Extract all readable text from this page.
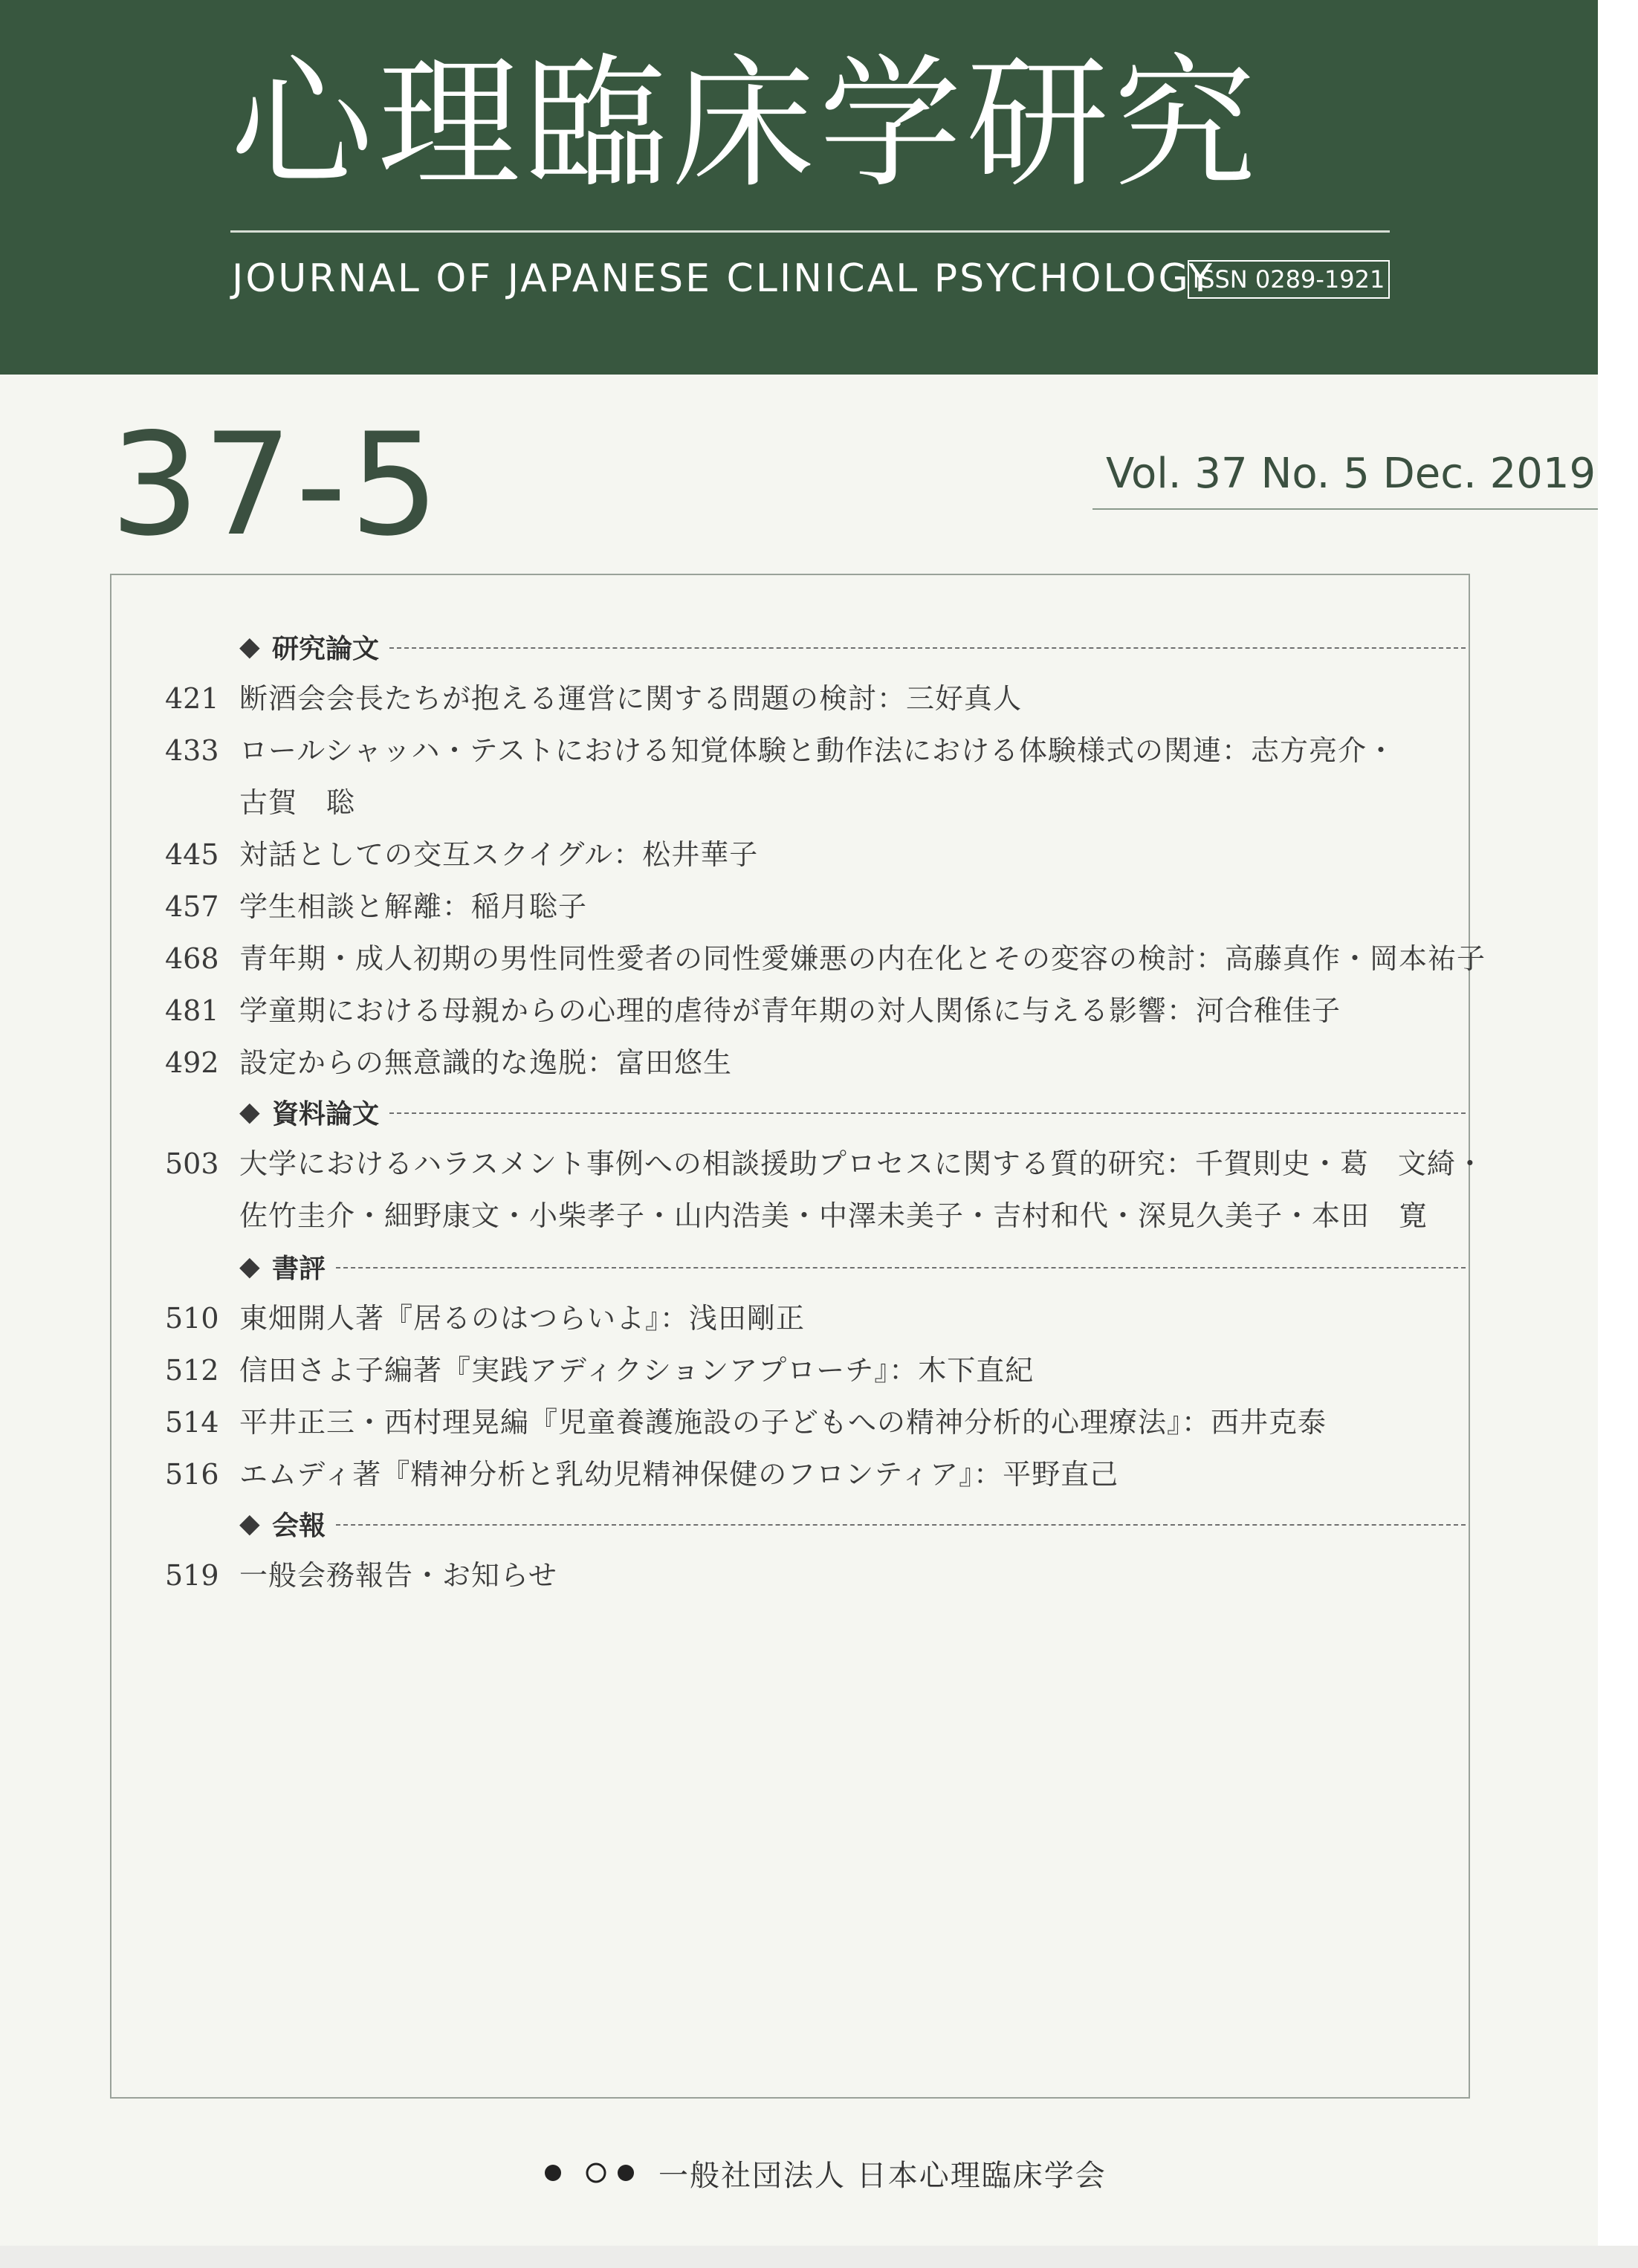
心理臨床学研究
JOURNAL OF JAPANESE CLINICAL PSYCHOLOGY
ISSN 0289-1921
37-5	Vol. 37 No. 5 Dec. 2019
◆ 研究論文
421 断酒会会長たちが抱える運営に関する問題の検討：三好真人
433 ロールシャッハ・テストにおける知覚体験と動作法における体験様式の関連：志方亮介・
古賀　聡
445 対話としての交互スクイグル：松井華子
457 学生相談と解離：稲月聡子
468 青年期・成人初期の男性同性愛者の同性愛嫌悪の内在化とその変容の検討：高藤真作・岡本祐子
481 学童期における母親からの心理的虐待が青年期の対人関係に与える影響：河合稚佳子
492 設定からの無意識的な逸脱：富田悠生
◆ 資料論文
503 大学におけるハラスメント事例への相談援助プロセスに関する質的研究：千賀則史・葛　文綺・
佐竹圭介・細野康文・小柴孝子・山内浩美・中澤未美子・吉村和代・深見久美子・本田　寛
◆ 書評
510 東畑開人著『居るのはつらいよ』：浅田剛正
512 信田さよ子編著『実践アディクションアプローチ』：木下直紀
514 平井正三・西村理晃編『児童養護施設の子どもへの精神分析的心理療法』：西井克泰
516 エムディ著『精神分析と乳幼児精神保健のフロンティア』：平野直己
◆ 会報
519 一般会務報告・お知らせ
一般社団法人 日本心理臨床学会
